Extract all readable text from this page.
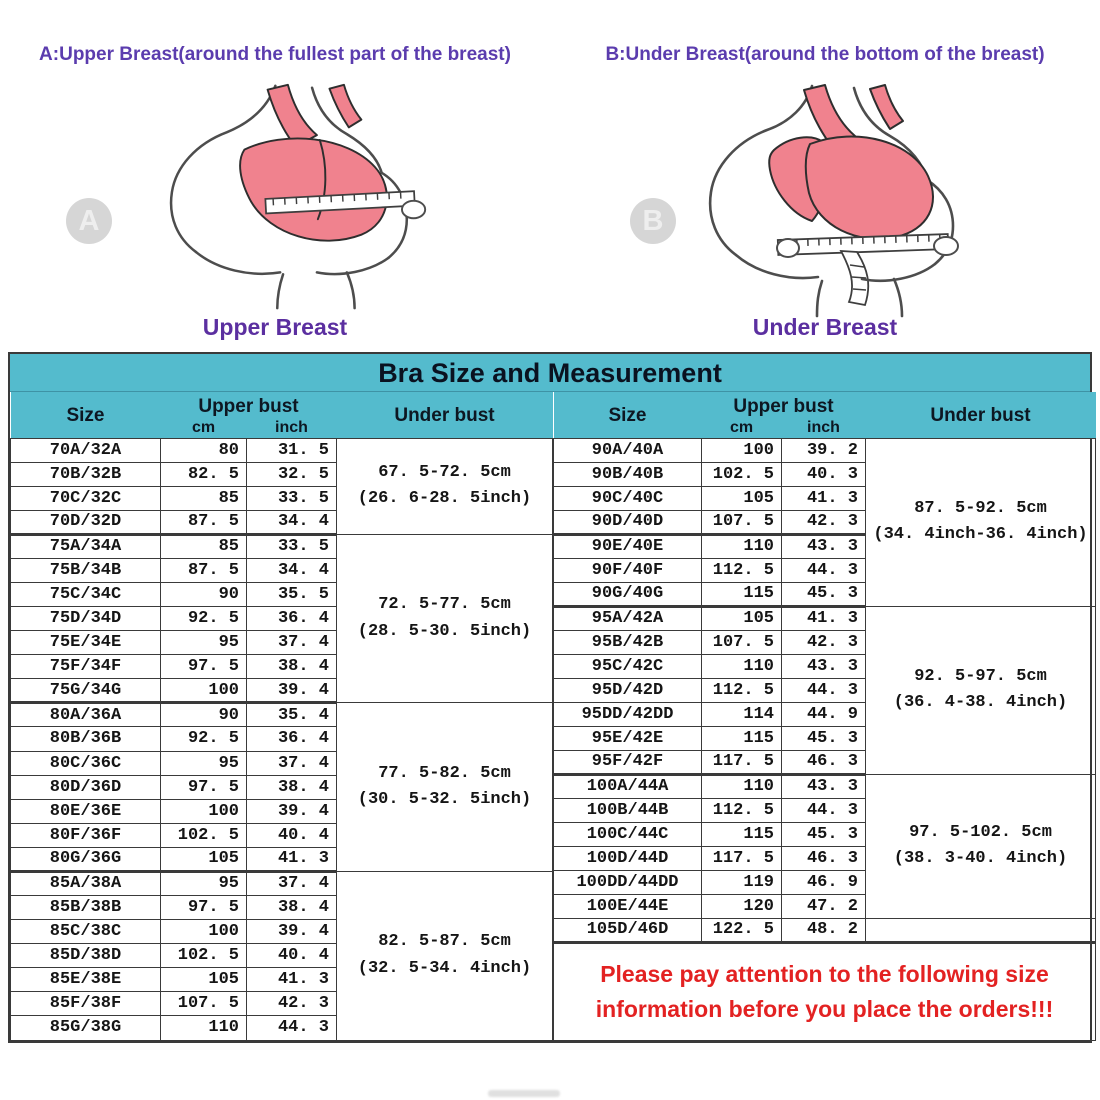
A:Upper Breast(around the fullest part of the breast)
A
Upper Breast
B:Under Breast(around the bottom of the breast)
B
Under Breast
Bra Size and Measurement
Size	Upper bust		Under bust
	cm	inch	
70A/32A	80	31. 5	67. 5-72. 5cm
(26. 6-28. 5inch)

70B/32B	82. 5	32. 5	
70C/32C	85	33. 5	
70D/32D	87. 5	34. 4	
75A/34A	85	33. 5	72. 5-77. 5cm
(28. 5-30. 5inch)

75B/34B	87. 5	34. 4	
75C/34C	90	35. 5	
75D/34D	92. 5	36. 4	
75E/34E	95	37. 4	
75F/34F	97. 5	38. 4	
75G/34G	100	39. 4	
80A/36A	90	35. 4	77. 5-82. 5cm
(30. 5-32. 5inch)

80B/36B	92. 5	36. 4	
80C/36C	95	37. 4	
80D/36D	97. 5	38. 4	
80E/36E	100	39. 4	
80F/36F	102. 5	40. 4	
80G/36G	105	41. 3	
85A/38A	95	37. 4	82. 5-87. 5cm
(32. 5-34. 4inch)

85B/38B	97. 5	38. 4	
85C/38C	100	39. 4	
85D/38D	102. 5	40. 4	
85E/38E	105	41. 3	
85F/38F	107. 5	42. 3	
85G/38G	110	44. 3	
Size	Upper bust		Under bust
	cm	inch	
90A/40A	100	39. 2	87. 5-92. 5cm
(34. 4inch-36. 4inch)

90B/40B	102. 5	40. 3	
90C/40C	105	41. 3	
90D/40D	107. 5	42. 3	
90E/40E	110	43. 3	
90F/40F	112. 5	44. 3	
90G/40G	115	45. 3	
95A/42A	105	41. 3	92. 5-97. 5cm
(36. 4-38. 4inch)

95B/42B	107. 5	42. 3	
95C/42C	110	43. 3	
95D/42D	112. 5	44. 3	
95DD/42DD	114	44. 9	
95E/42E	115	45. 3	
95F/42F	117. 5	46. 3	
100A/44A	110	43. 3	97. 5-102. 5cm
(38. 3-40. 4inch)

100B/44B	112. 5	44. 3	
100C/44C	115	45. 3	
100D/44D	117. 5	46. 3	
100DD/44DD	119	46. 9	
100E/44E	120	47. 2	
105D/46D	122. 5	48. 2	

Please pay attention to the following size
information before you place the orders!!!			
